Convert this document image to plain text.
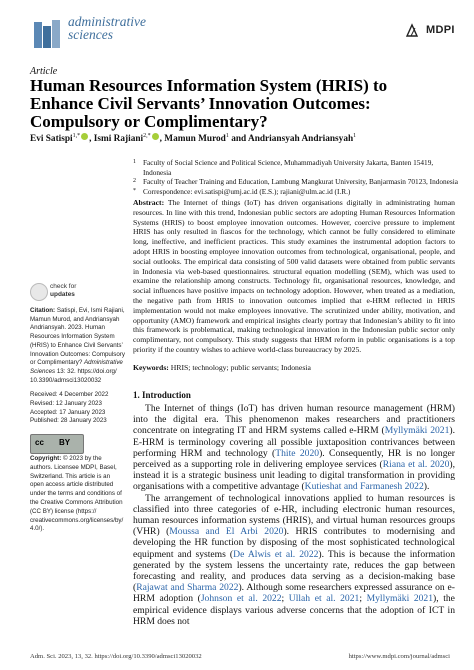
administrative
sciences	MDPI
Article
Human Resources Information System (HRIS) to Enhance Civil Servants’ Innovation Outcomes: Compulsory or Complimentary?
Evi Satispi$^{1,*}$ , Ismi Rajiani$^{2,*}$ , Mamun Murod$^1$ and Andriansyah Andriansyah$^1$
1 Faculty of Social Science and Political Science, Muhammadiyah University Jakarta, Banten 15419, Indonesia
2 Faculty of Teacher Training and Education, Lambung Mangkurat University, Banjarmasin 70123, Indonesia
* Correspondence: evi.satispi@umj.ac.id (E.S.); rajiani@ulm.ac.id (I.R.)
Abstract: The Internet of things (IoT) has driven organisations digitally in administrating human resources. In line with this trend, Indonesian public sectors are adopting Human Resources Information Systems (HRIS) to boost employee innovation outcomes. However, coercive pressure to implement HRIS has only resulted in fiascos for the technology, which cannot be fully considered to eliminate long, ineffective, and inefficient practices. This study examines the instrumental adoption factors to adopt HRIS in boosting employee innovation outcomes from technological, organisational, people, and social outlooks. The empirical data consisting of 500 valid datasets were obtained from public servants in Indonesia via web-based questionnaires. structural equation modelling (SEM), which was used to examine the relationship among constructs. Technology fit, organisational resources, knowledge, and social influences have positive impacts on technology adoption. However, when treated as a mediation, the negative path from HRIS to innovation outcomes implied that e-HRM reflected in HRIS implementation would not make employees innovative. The scrutinized under ability, motivation, and opportunity (AMO) framework and empirical insights clearly portray that Indonesian’s ability to fit into this framework is problematical, making technological innovation in the Indonesian public sector only complimentary, not compulsory. This study suggests that HRM reform in public organisations is a top priority if the country wishes to achieve world-class bureaucracy by 2025.
Keywords: HRIS; technology; public servants; Indonesia
1. Introduction

The Internet of things (IoT) has driven human resource management (HRM) into the digital era. This phenomenon makes researchers and practitioners concentrate on integrating IT and HRM systems called e-HRM (Myllymäki 2021). E-HRM is terminology covering all possible juxtaposition contrivances between performing HRM and technology (Thite 2020). Consequently, HR is no longer perceived as a supporting role in delivering employee services (Riana et al. 2020), instead it is a strategic business unit leading to digital transformation in providing organisations with a competitive advantage (Kutieshat and Farmanesh 2022).

The arrangement of technological innovations applied to human resources is classified into three categories of e-HR, including electronic human resources, human resources information systems (HRIS), and virtual human resources groups (VHR) (Moussa and El Arbi 2020). HRIS contributes to modernising and developing the HR function by disposing of the most sophisticated technological equipment and systems (De Alwis et al. 2022). This is because the information generated by the system lessens the uncertainty rate, reduces the gap between forecasting and reality, and produces data serving as a decision-making base (Rajawat and Sharma 2022). Although some researchers expressed assurance on e-HRM adoption (Johnson et al. 2022; Ullah et al. 2021; Myllymäki 2021), the empirical evidence displays various adverse concerns that the adoption of ICT in HRM does not

check for
updates
Citation: Satispi, Evi, Ismi Rajiani, Mamun Murod, and Andriansyah Andriansyah. 2023. Human Resources Information System (HRIS) to Enhance Civil Servants’ Innovation Outcomes: Compulsory or Complimentary? Administrative Sciences 13: 32. https://doi.org/ 10.3390/admsci13020032
Received: 4 December 2022
Revised: 12 January 2023
Accepted: 17 January 2023
Published: 28 January 2023
cc BY
Copyright: © 2023 by the authors. Licensee MDPI, Basel, Switzerland. This article is an open access article distributed under the terms and conditions of the Creative Commons Attribution (CC BY) license (https:// creativecommons.org/licenses/by/ 4.0/).
Adm. Sci. 2023, 13, 32. https://doi.org/10.3390/admsci13020032	https://www.mdpi.com/journal/admsci
